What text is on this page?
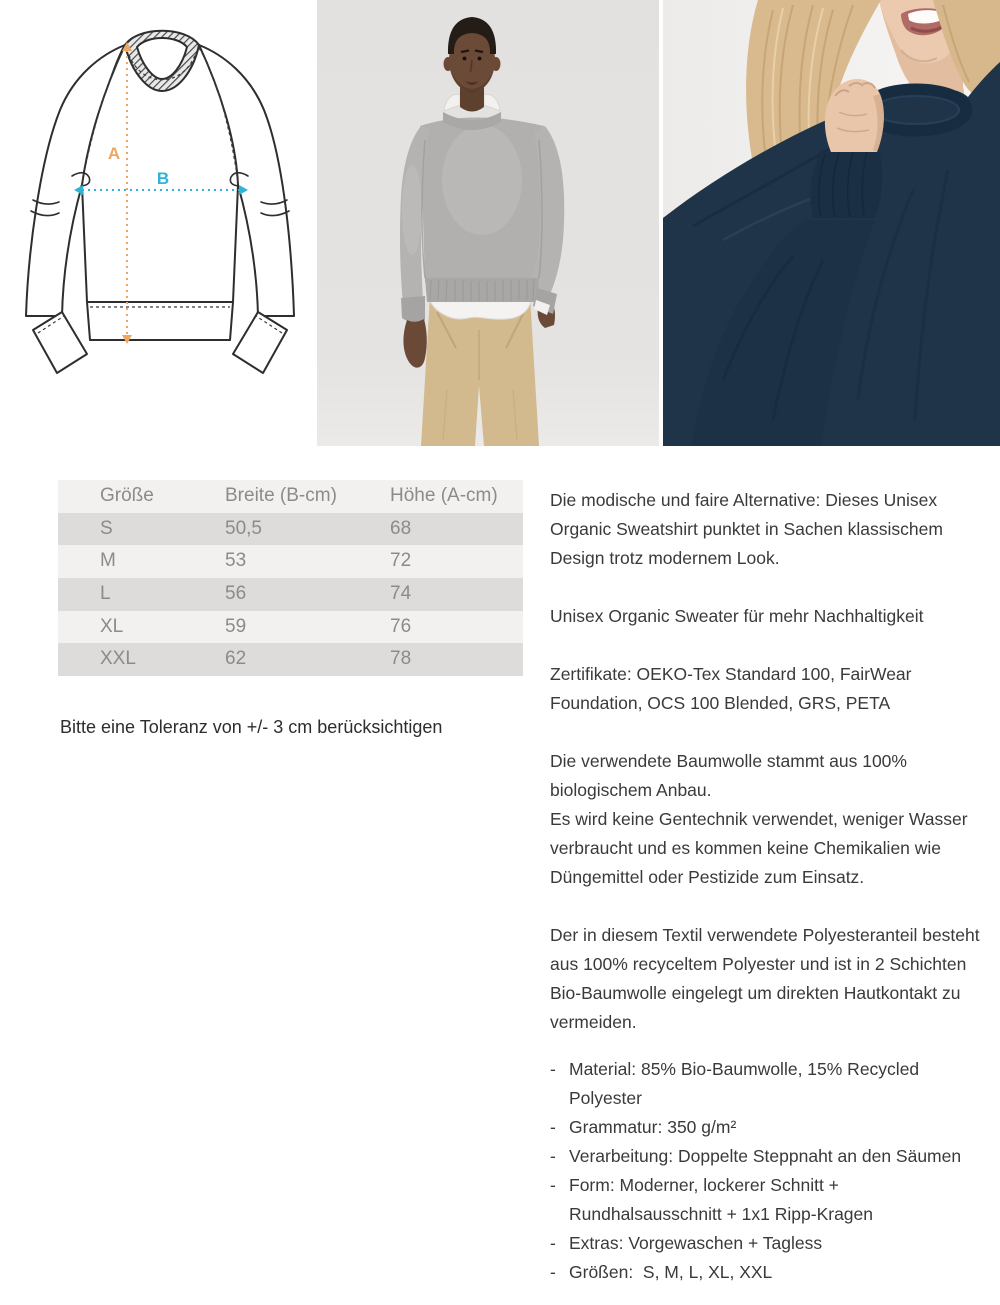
A
B
Größe	Breite (B-cm)	Höhe (A-cm)
S	50,5	68
M	53	72
L	56	74
XL	59	76
XXL	62	78
Bitte eine Toleranz von +/- 3 cm berücksichtigen

Die modische und faire Alternative: Dieses Unisex Organic Sweatshirt punktet in Sachen klassischem Design trotz modernem Look.

Unisex Organic Sweater für mehr Nachhaltigkeit

Zertifikate: OEKO-Tex Standard 100, FairWear Foundation, OCS 100 Blended, GRS, PETA

Die verwendete Baumwolle stammt aus 100% biologischem Anbau.

Es wird keine Gentechnik verwendet, weniger Wasser verbraucht und es kommen keine Chemikalien wie Düngemittel oder Pestizide zum Einsatz.

Der in diesem Textil verwendete Polyesteranteil besteht aus 100% recyceltem Polyester und ist in 2 Schichten Bio-Baumwolle eingelegt um direkten Hautkontakt zu vermeiden.

- Material: 85% Bio-Baumwolle, 15% Recycled Polyester
- Grammatur: 350 g/m²
- Verarbeitung: Doppelte Steppnaht an den Säumen
- Form: Moderner, lockerer Schnitt + Rundhalsausschnitt + 1x1 Ripp-Kragen
- Extras: Vorgewaschen + Tagless
- Größen:  S, M, L, XL, XXL
